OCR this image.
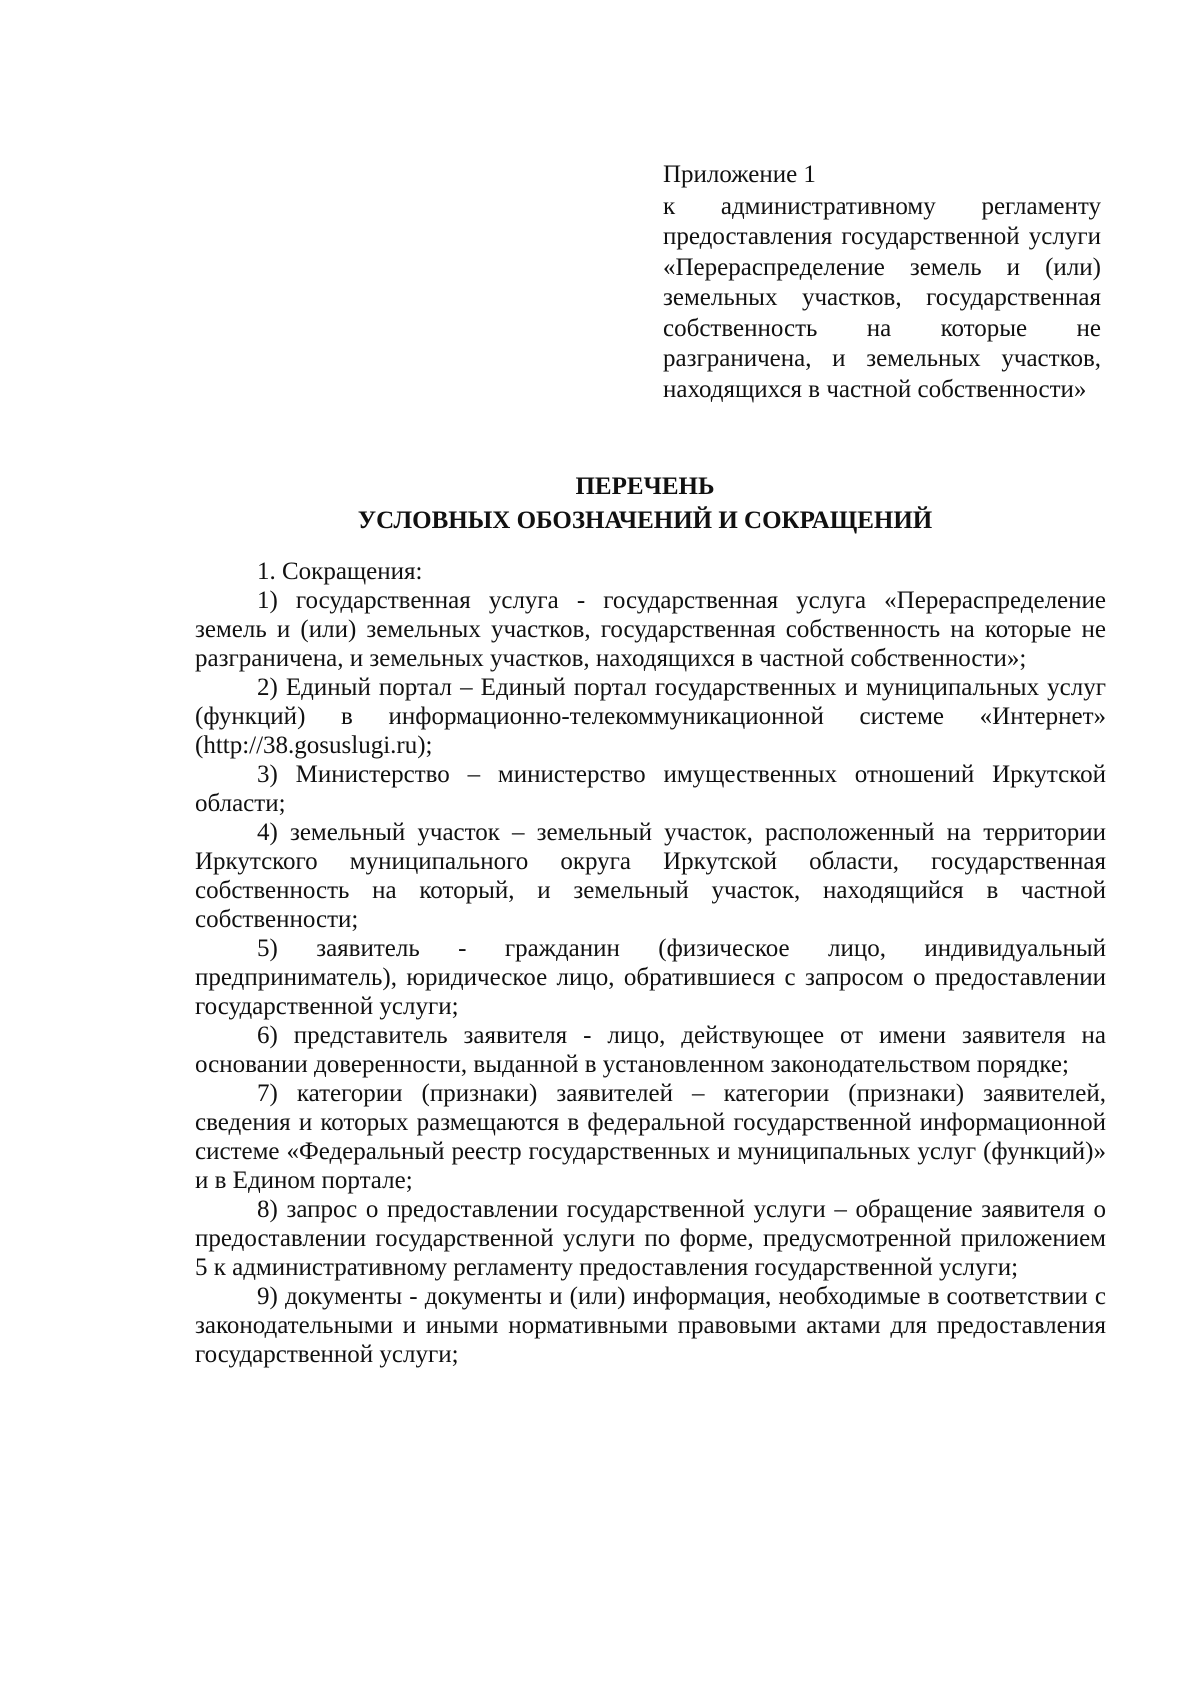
Приложение 1
к административному регламенту предоставления государственной услуги «Перераспределение земель и (или) земельных участков, государственная собственность на которые не разграничена, и земельных участков, находящихся в частной собственности»
ПЕРЕЧЕНЬ
УСЛОВНЫХ ОБОЗНАЧЕНИЙ И СОКРАЩЕНИЙ

1. Сокращения:

1) государственная услуга - государственная услуга «Перераспределение земель и (или) земельных участков, государственная собственность на которые не разграничена, и земельных участков, находящихся в частной собственности»;

2) Единый портал – Единый портал государственных и муниципальных услуг (функций) в информационно-телекоммуникационной системе «Интернет» (http://38.gosuslugi.ru);

3) Министерство – министерство имущественных отношений Иркутской области;

4) земельный участок – земельный участок, расположенный на территории Иркутского муниципального округа Иркутской области, государственная собственность на который, и земельный участок, находящийся в частной собственности;

5) заявитель - гражданин (физическое лицо, индивидуальный предприниматель), юридическое лицо, обратившиеся с запросом о предоставлении государственной услуги;

6) представитель заявителя - лицо, действующее от имени заявителя на основании доверенности, выданной в установленном законодательством порядке;

7) категории (признаки) заявителей – категории (признаки) заявителей, сведения и которых размещаются в федеральной государственной информационной системе «Федеральный реестр государственных и муниципальных услуг (функций)» и в Едином портале;

8) запрос о предоставлении государственной услуги – обращение заявителя о предоставлении государственной услуги по форме, предусмотренной приложением 5 к административному регламенту предоставления государственной услуги;

9) документы - документы и (или) информация, необходимые в соответствии с законодательными и иными нормативными правовыми актами для предоставления государственной услуги;
